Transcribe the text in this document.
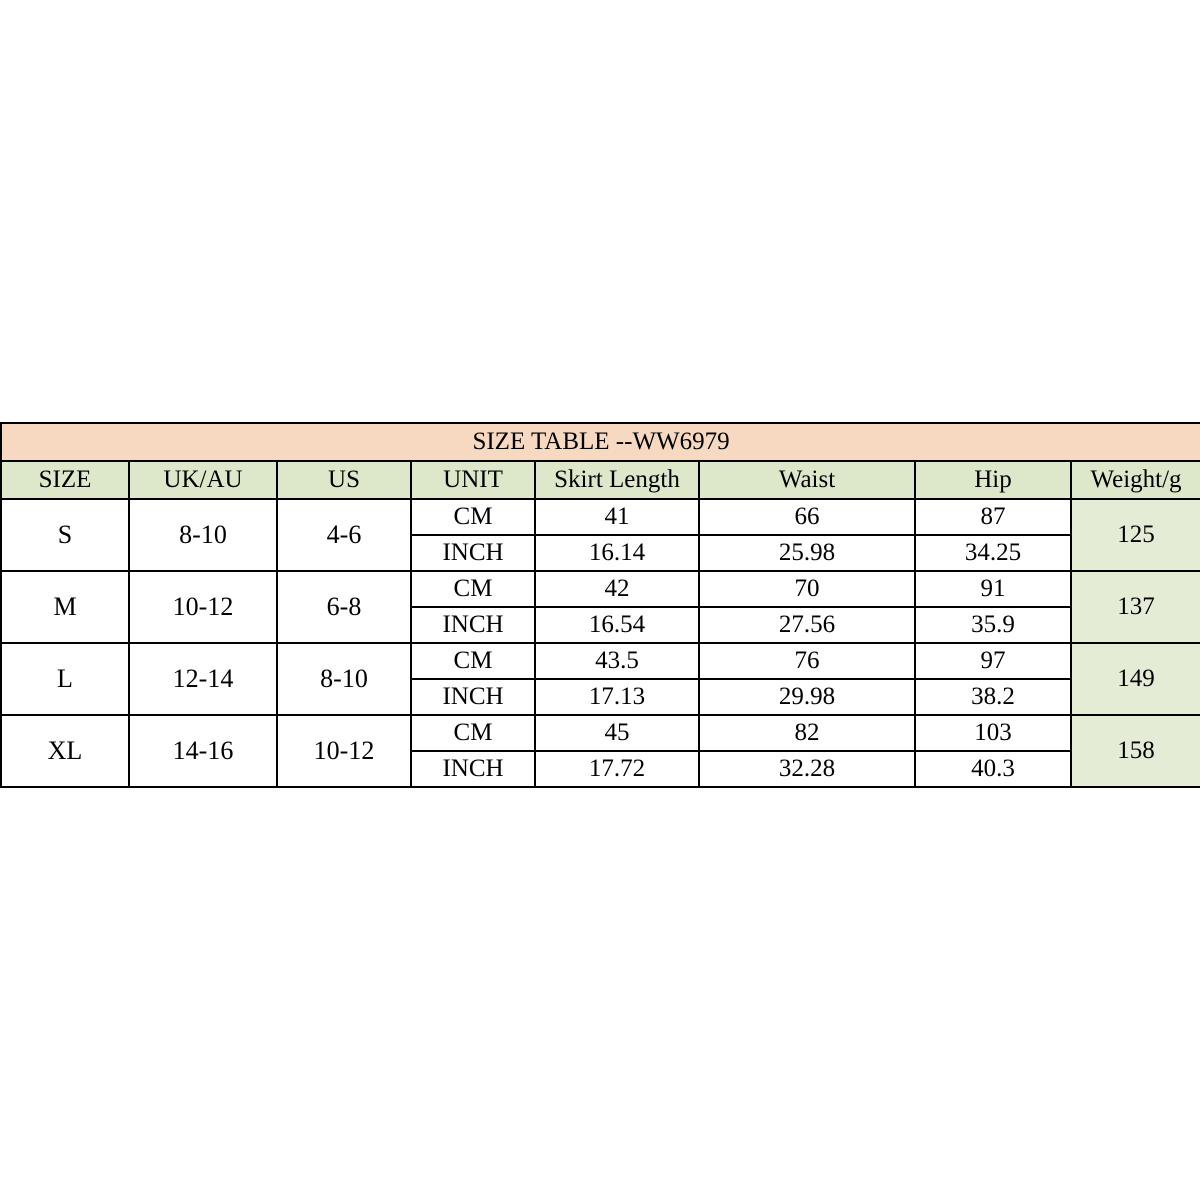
SIZE TABLE --WW6979							
SIZE	UK/AU	US	UNIT	Skirt Length	Waist	Hip	Weight/g
S	8-10	4-6	CM	41	66	87	125
			INCH	16.14	25.98	34.25	
M	10-12	6-8	CM	42	70	91	137
			INCH	16.54	27.56	35.9	
L	12-14	8-10	CM	43.5	76	97	149
			INCH	17.13	29.98	38.2	
XL	14-16	10-12	CM	45	82	103	158
			INCH	17.72	32.28	40.3	
